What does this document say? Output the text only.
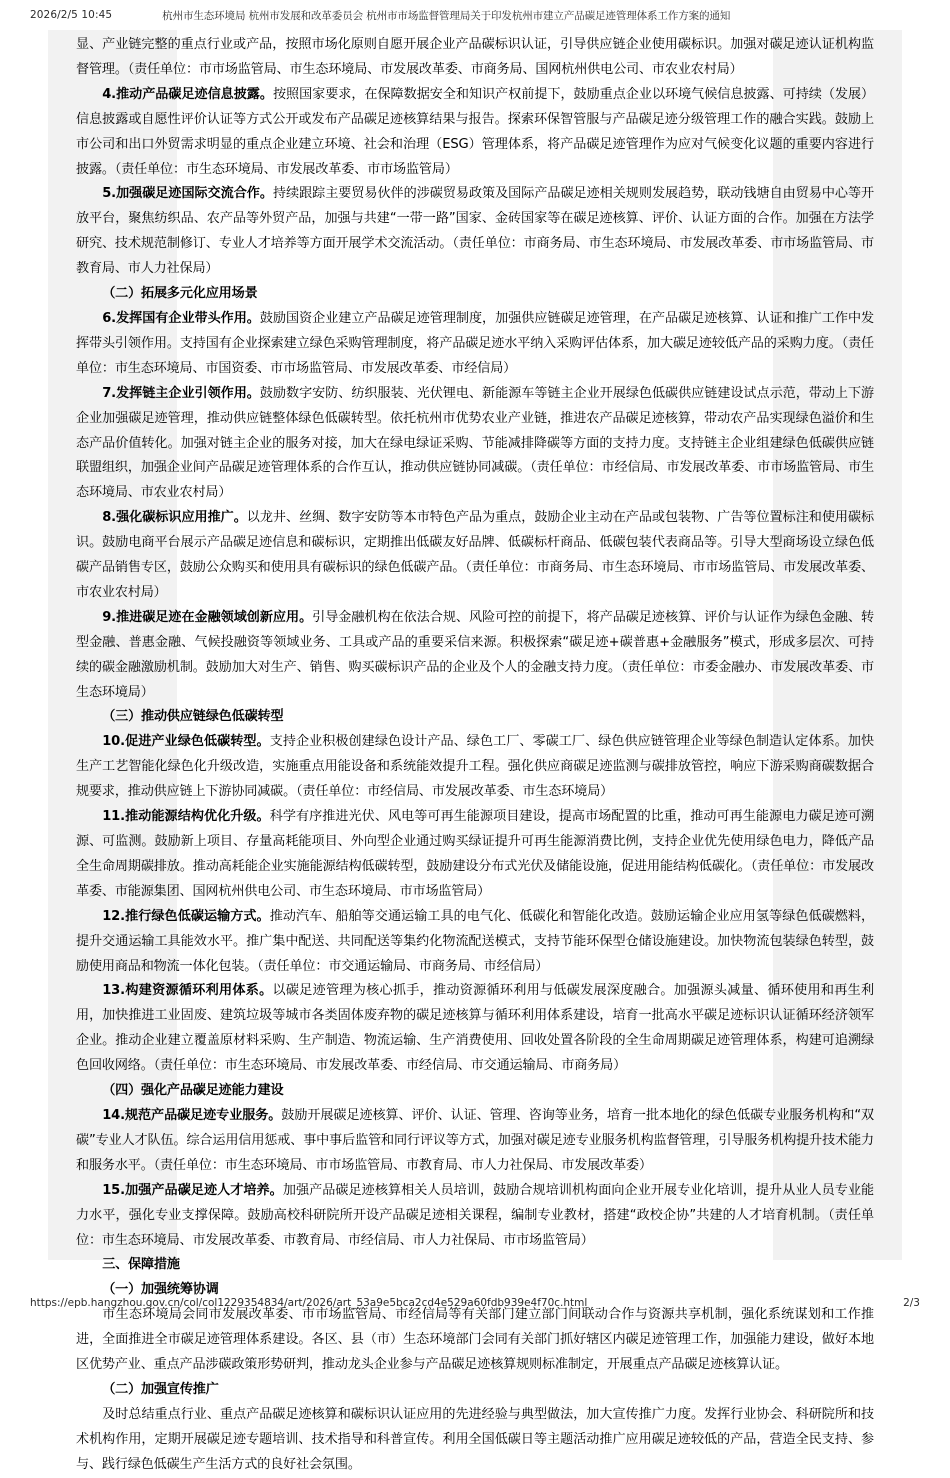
2026/2/5 10:45	杭州市生态环境局 杭州市发展和改革委员会 杭州市市场监督管理局关于印发杭州市建立产品碳足迹管理体系工作方案的通知

显、产业链完整的重点行业或产品，按照市场化原则自愿开展企业产品碳标识认证，引导供应链企业使用碳标识。加强对碳足迹认证机构监督管理。（责任单位：市市场监管局、市生态环境局、市发展改革委、市商务局、国网杭州供电公司、市农业农村局）

4.推动产品碳足迹信息披露。按照国家要求，在保障数据安全和知识产权前提下，鼓励重点企业以环境气候信息披露、可持续（发展）信息披露或自愿性评价认证等方式公开或发布产品碳足迹核算结果与报告。探索环保智管服与产品碳足迹分级管理工作的融合实践。鼓励上市公司和出口外贸需求明显的重点企业建立环境、社会和治理（ESG）管理体系，将产品碳足迹管理作为应对气候变化议题的重要内容进行披露。（责任单位：市生态环境局、市发展改革委、市市场监管局）

5.加强碳足迹国际交流合作。持续跟踪主要贸易伙伴的涉碳贸易政策及国际产品碳足迹相关规则发展趋势，联动钱塘自由贸易中心等开放平台，聚焦纺织品、农产品等外贸产品，加强与共建“一带一路”国家、金砖国家等在碳足迹核算、评价、认证方面的合作。加强在方法学研究、技术规范制修订、专业人才培养等方面开展学术交流活动。（责任单位：市商务局、市生态环境局、市发展改革委、市市场监管局、市教育局、市人力社保局）

（二）拓展多元化应用场景

6.发挥国有企业带头作用。鼓励国资企业建立产品碳足迹管理制度，加强供应链碳足迹管理，在产品碳足迹核算、认证和推广工作中发挥带头引领作用。支持国有企业探索建立绿色采购管理制度，将产品碳足迹水平纳入采购评估体系，加大碳足迹较低产品的采购力度。（责任单位：市生态环境局、市国资委、市市场监管局、市发展改革委、市经信局）

7.发挥链主企业引领作用。鼓励数字安防、纺织服装、光伏锂电、新能源车等链主企业开展绿色低碳供应链建设试点示范，带动上下游企业加强碳足迹管理，推动供应链整体绿色低碳转型。依托杭州市优势农业产业链，推进农产品碳足迹核算，带动农产品实现绿色溢价和生态产品价值转化。加强对链主企业的服务对接，加大在绿电绿证采购、节能减排降碳等方面的支持力度。支持链主企业组建绿色低碳供应链联盟组织，加强企业间产品碳足迹管理体系的合作互认，推动供应链协同减碳。（责任单位：市经信局、市发展改革委、市市场监管局、市生态环境局、市农业农村局）

8.强化碳标识应用推广。以龙井、丝绸、数字安防等本市特色产品为重点，鼓励企业主动在产品或包装物、广告等位置标注和使用碳标识。鼓励电商平台展示产品碳足迹信息和碳标识，定期推出低碳友好品牌、低碳标杆商品、低碳包装代表商品等。引导大型商场设立绿色低碳产品销售专区，鼓励公众购买和使用具有碳标识的绿色低碳产品。（责任单位：市商务局、市生态环境局、市市场监管局、市发展改革委、市农业农村局）

9.推进碳足迹在金融领域创新应用。引导金融机构在依法合规、风险可控的前提下，将产品碳足迹核算、评价与认证作为绿色金融、转型金融、普惠金融、气候投融资等领域业务、工具或产品的重要采信来源。积极探索“碳足迹+碳普惠+金融服务”模式，形成多层次、可持续的碳金融激励机制。鼓励加大对生产、销售、购买碳标识产品的企业及个人的金融支持力度。（责任单位：市委金融办、市发展改革委、市生态环境局）

（三）推动供应链绿色低碳转型

10.促进产业绿色低碳转型。支持企业积极创建绿色设计产品、绿色工厂、零碳工厂、绿色供应链管理企业等绿色制造认定体系。加快生产工艺智能化绿色化升级改造，实施重点用能设备和系统能效提升工程。强化供应商碳足迹监测与碳排放管控，响应下游采购商碳数据合规要求，推动供应链上下游协同减碳。（责任单位：市经信局、市发展改革委、市生态环境局）

11.推动能源结构优化升级。科学有序推进光伏、风电等可再生能源项目建设，提高市场配置的比重，推动可再生能源电力碳足迹可溯源、可监测。鼓励新上项目、存量高耗能项目、外向型企业通过购买绿证提升可再生能源消费比例，支持企业优先使用绿色电力，降低产品全生命周期碳排放。推动高耗能企业实施能源结构低碳转型，鼓励建设分布式光伏及储能设施，促进用能结构低碳化。（责任单位：市发展改革委、市能源集团、国网杭州供电公司、市生态环境局、市市场监管局）

12.推行绿色低碳运输方式。推动汽车、船舶等交通运输工具的电气化、低碳化和智能化改造。鼓励运输企业应用氢等绿色低碳燃料，提升交通运输工具能效水平。推广集中配送、共同配送等集约化物流配送模式，支持节能环保型仓储设施建设。加快物流包装绿色转型，鼓励使用商品和物流一体化包装。（责任单位：市交通运输局、市商务局、市经信局）

13.构建资源循环利用体系。以碳足迹管理为核心抓手，推动资源循环利用与低碳发展深度融合。加强源头减量、循环使用和再生利用，加快推进工业固废、建筑垃圾等城市各类固体废弃物的碳足迹核算与循环利用体系建设，培育一批高水平碳足迹标识认证循环经济领军企业。推动企业建立覆盖原材料采购、生产制造、物流运输、生产消费使用、回收处置各阶段的全生命周期碳足迹管理体系，构建可追溯绿色回收网络。（责任单位：市生态环境局、市发展改革委、市经信局、市交通运输局、市商务局）

（四）强化产品碳足迹能力建设

14.规范产品碳足迹专业服务。鼓励开展碳足迹核算、评价、认证、管理、咨询等业务，培育一批本地化的绿色低碳专业服务机构和“双碳”专业人才队伍。综合运用信用惩戒、事中事后监管和同行评议等方式，加强对碳足迹专业服务机构监督管理，引导服务机构提升技术能力和服务水平。（责任单位：市生态环境局、市市场监管局、市教育局、市人力社保局、市发展改革委）

15.加强产品碳足迹人才培养。加强产品碳足迹核算相关人员培训，鼓励合规培训机构面向企业开展专业化培训，提升从业人员专业能力水平，强化专业支撑保障。鼓励高校科研院所开设产品碳足迹相关课程，编制专业教材，搭建“政校企协”共建的人才培育机制。（责任单位：市生态环境局、市发展改革委、市教育局、市经信局、市人力社保局、市市场监管局）

三、保障措施

（一）加强统筹协调

市生态环境局会同市发展改革委、市市场监管局、市经信局等有关部门建立部门间联动合作与资源共享机制，强化系统谋划和工作推进，全面推进全市碳足迹管理体系建设。各区、县（市）生态环境部门会同有关部门抓好辖区内碳足迹管理工作，加强能力建设，做好本地区优势产业、重点产品涉碳政策形势研判，推动龙头企业参与产品碳足迹核算规则标准制定，开展重点产品碳足迹核算认证。

（二）加强宣传推广

及时总结重点行业、重点产品碳足迹核算和碳标识认证应用的先进经验与典型做法，加大宣传推广力度。发挥行业协会、科研院所和技术机构作用，定期开展碳足迹专题培训、技术指导和科普宣传。利用全国低碳日等主题活动推广应用碳足迹较低的产品，营造全民支持、参与、践行绿色低碳生产生活方式的良好社会氛围。

https://epb.hangzhou.gov.cn/col/col1229354834/art/2026/art_53a9e5bca2cd4e529a60fdb939e4f70c.html	2/3
